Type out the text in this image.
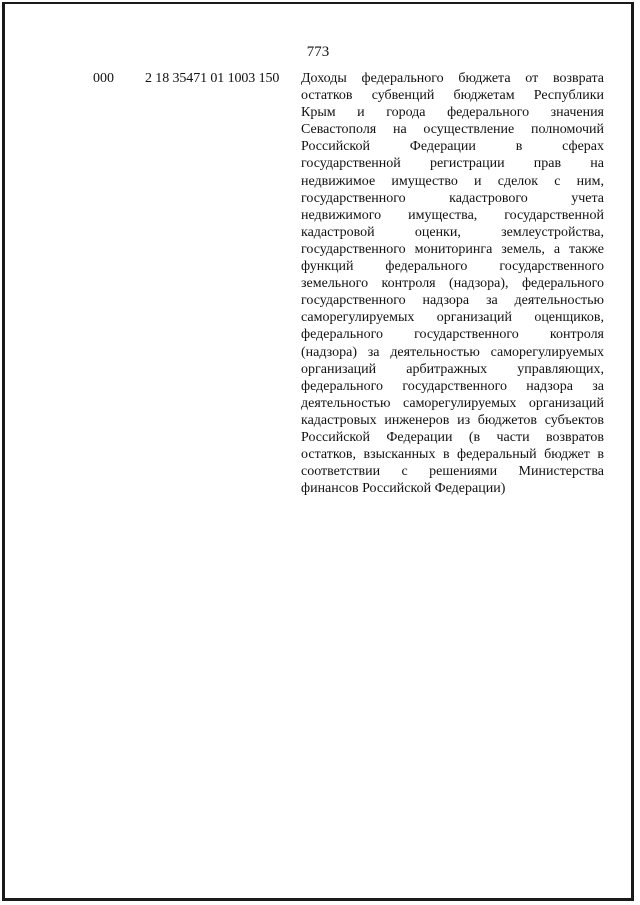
773
000 2 18 35471 01 1003 150 Доходы федерального бюджета от возврата
остатков субвенций бюджетам Республики
Крым и города федерального значения
Севастополя на осуществление полномочий
Российской Федерации в сферах
государственной регистрации прав на
недвижимое имущество и сделок с ним,
государственного кадастрового учета
недвижимого имущества, государственной
кадастровой оценки, землеустройства,
государственного мониторинга земель, а также
функций федерального государственного
земельного контроля (надзора), федерального
государственного надзора за деятельностью
саморегулируемых организаций оценщиков,
федерального государственного контроля
(надзора) за деятельностью саморегулируемых
организаций арбитражных управляющих,
федерального государственного надзора за
деятельностью саморегулируемых организаций
кадастровых инженеров из бюджетов субъектов
Российской Федерации (в части возвратов
остатков, взысканных в федеральный бюджет в
соответствии с решениями Министерства
финансов Российской Федерации)
